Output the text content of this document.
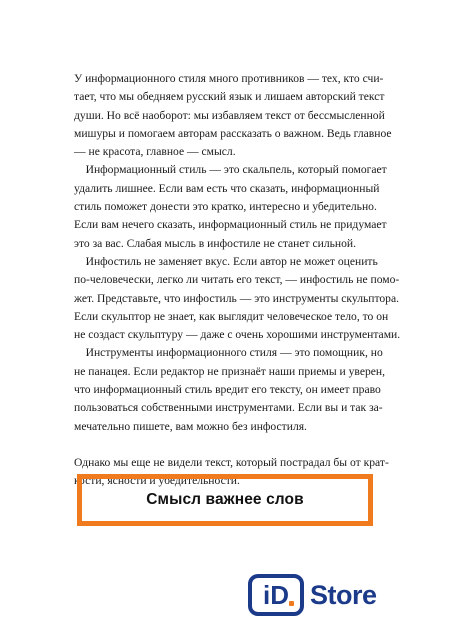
У информационного стиля много противников — тех, кто счи-
тает, что мы обедняем русский язык и лишаем авторский текст
души. Но всё наоборот: мы избавляем текст от бессмысленной
мишуры и помогаем авторам рассказать о важном. Ведь главное
— не красота, главное — смысл.
Информационный стиль — это скальпель, который помогает
удалить лишнее. Если вам есть что сказать, информационный
стиль поможет донести это кратко, интересно и убедительно.
Если вам нечего сказать, информационный стиль не придумает
это за вас. Слабая мысль в инфостиле не станет сильной.
Инфостиль не заменяет вкус. Если автор не может оценить
по-человечески, легко ли читать его текст, — инфостиль не помо-
жет. Представьте, что инфостиль — это инструменты скульптора.
Если скульптор не знает, как выглядит человеческое тело, то он
не создаст скульптуру — даже с очень хорошими инструментами.
Инструменты информационного стиля — это помощник, но
не панацея. Если редактор не признаёт наши приемы и уверен,
что информационный стиль вредит его тексту, он имеет право
пользоваться собственными инструментами. Если вы и так за-
мечательно пишете, вам можно без инфостиля.
Однако мы еще не видели текст, который пострадал бы от крат-
кости, ясности и убедительности.
Смысл важнее слов
iD Store
